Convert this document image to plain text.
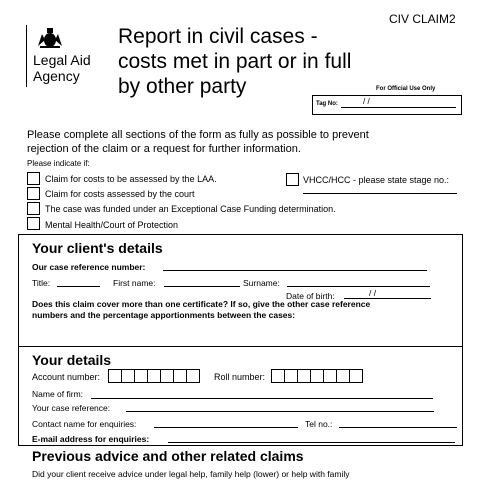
CIV CLAIM2
Legal Aid
Agency
Report in civil cases -
costs met in part or in full
by other party	For Official Use Only
Tag No:	/ /
Please complete all sections of the form as fully as possible to prevent
rejection of the claim or a request for further information.
Please indicate if:
Claim for costs to be assessed by the LAA.
Claim for costs assessed by the court
The case was funded under an Exceptional Case Funding determination.
Mental Health/Court of Protection
VHCC/HCC - please state stage no.:
Your client's details
Our case reference number:
Title:	First name:	Surname:
Date of birth:	/ /
Does this claim cover more than one certificate? If so, give the other case reference
numbers and the percentage apportionments between the cases:
Your details
Account number:	Roll number:
Name of firm:
Your case reference:
Contact name for enquiries:	Tel no.:
E-mail address for enquiries:
Previous advice and other related claims
Did your client receive advice under legal help, family help (lower) or help with family
